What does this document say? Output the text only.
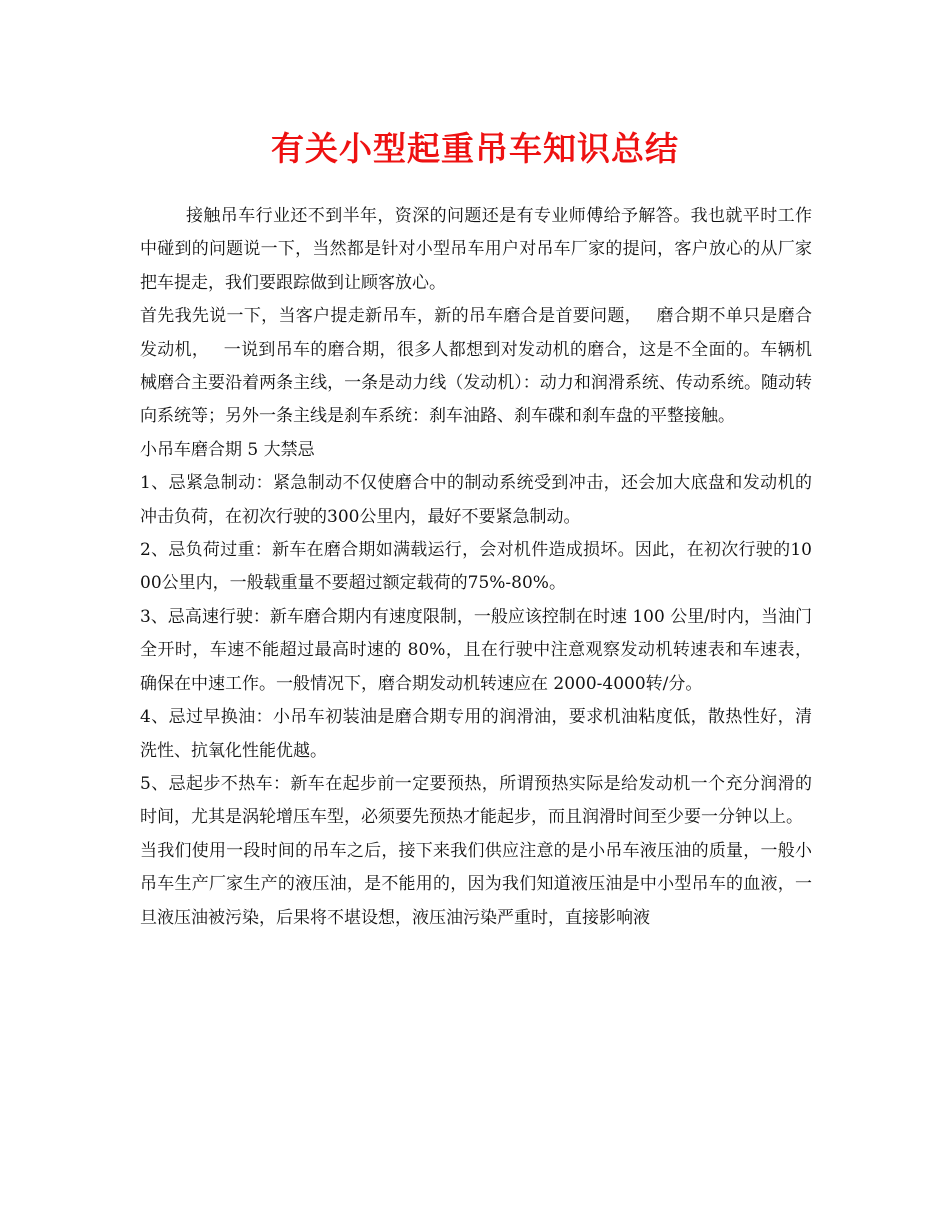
有关小型起重吊车知识总结

接触吊车行业还不到半年，资深的问题还是有专业师傅给予解答。我也就平时工作中碰到的问题说一下，当然都是针对小型吊车用户对吊车厂家的提问，客户放心的从厂家把车提走，我们要跟踪做到让顾客放心。

首先我先说一下，当客户提走新吊车，新的吊车磨合是首要问题，　 磨合期不单只是磨合发动机，　 一说到吊车的磨合期，很多人都想到对发动机的磨合，这是不全面的。车辆机械磨合主要沿着两条主线，一条是动力线（发动机）：动力和润滑系统、传动系统。随动转向系统等；另外一条主线是刹车系统：刹车油路、刹车碟和刹车盘的平整接触。

小吊车磨合期 5 大禁忌

1、忌紧急制动：紧急制动不仅使磨合中的制动系统受到冲击，还会加大底盘和发动机的冲击负荷，在初次行驶的300公里内，最好不要紧急制动。

2、忌负荷过重：新车在磨合期如满载运行，会对机件造成损坏。因此，在初次行驶的1000公里内，一般载重量不要超过额定载荷的75%-80%。

3、忌高速行驶：新车磨合期内有速度限制，一般应该控制在时速 100 公里/时内，当油门全开时，车速不能超过最高时速的 80%，且在行驶中注意观察发动机转速表和车速表，确保在中速工作。一般情况下，磨合期发动机转速应在 2000-4000转/分。

4、忌过早换油：小吊车初装油是磨合期专用的润滑油，要求机油粘度低，散热性好，清洗性、抗氧化性能优越。

5、忌起步不热车：新车在起步前一定要预热，所谓预热实际是给发动机一个充分润滑的时间，尤其是涡轮增压车型，必须要先预热才能起步，而且润滑时间至少要一分钟以上。

当我们使用一段时间的吊车之后，接下来我们供应注意的是小吊车液压油的质量，一般小吊车生产厂家生产的液压油，是不能用的，因为我们知道液压油是中小型吊车的血液，一旦液压油被污染，后果将不堪设想，液压油污染严重时，直接影响液
